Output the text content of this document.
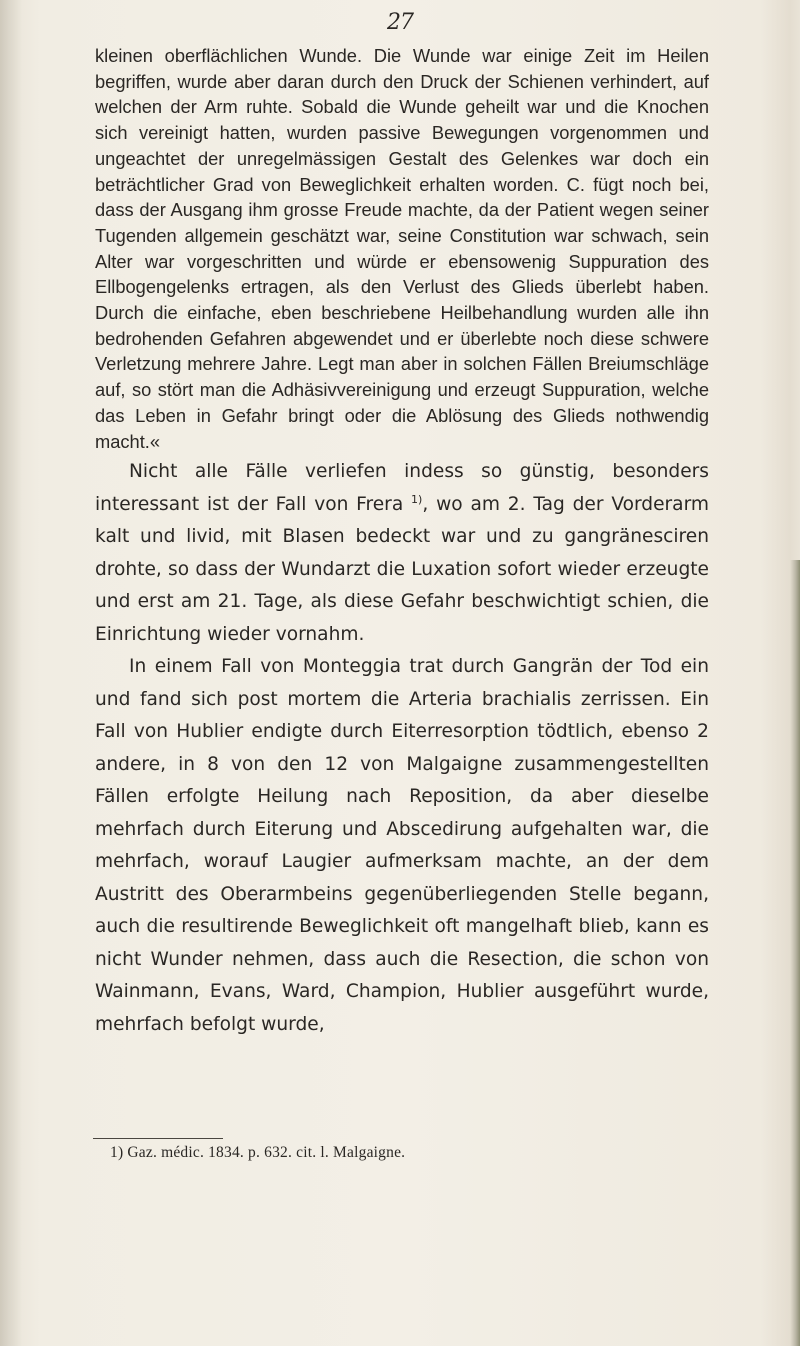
27

kleinen oberflächlichen Wunde. Die Wunde war einige Zeit im Heilen begriffen, wurde aber daran durch den Druck der Schienen verhindert, auf welchen der Arm ruhte. Sobald die Wunde geheilt war und die Knochen sich vereinigt hatten, wurden passive Bewegungen vorgenommen und ungeachtet der unregelmässigen Gestalt des Gelenkes war doch ein beträchtlicher Grad von Beweglichkeit erhalten worden. C. fügt noch bei, dass der Ausgang ihm grosse Freude machte, da der Patient wegen seiner Tugenden allgemein geschätzt war, seine Constitution war schwach, sein Alter war vorgeschritten und würde er ebensowenig Suppuration des Ellbogengelenks ertragen, als den Verlust des Glieds überlebt haben. Durch die einfache, eben beschriebene Heilbehandlung wurden alle ihn bedrohenden Gefahren abgewendet und er überlebte noch diese schwere Verletzung mehrere Jahre. Legt man aber in solchen Fällen Breiumschläge auf, so stört man die Adhäsivvereinigung und erzeugt Suppuration, welche das Leben in Gefahr bringt oder die Ablösung des Glieds nothwendig macht.«

Nicht alle Fälle verliefen indess so günstig, besonders interessant ist der Fall von Frera $^{1)}$, wo am 2. Tag der Vorderarm kalt und livid, mit Blasen bedeckt war und zu gangränesciren drohte, so dass der Wundarzt die Luxation sofort wieder erzeugte und erst am 21. Tage, als diese Gefahr beschwichtigt schien, die Einrichtung wieder vornahm.

In einem Fall von Monteggia trat durch Gangrän der Tod ein und fand sich post mortem die Arteria brachialis zerrissen. Ein Fall von Hublier endigte durch Eiterresorption tödtlich, ebenso 2 andere, in 8 von den 12 von Malgaigne zusammengestellten Fällen erfolgte Heilung nach Reposition, da aber dieselbe mehrfach durch Eiterung und Abscedirung aufgehalten war, die mehrfach, worauf Laugier aufmerksam machte, an der dem Austritt des Oberarmbeins gegenüberliegenden Stelle begann, auch die resultirende Beweglichkeit oft mangelhaft blieb, kann es nicht Wunder nehmen, dass auch die Resection, die schon von Wainmann, Evans, Ward, Champion, Hublier ausgeführt wurde, mehrfach befolgt wurde,

1) Gaz. médic. 1834. p. 632. cit. l. Malgaigne.
